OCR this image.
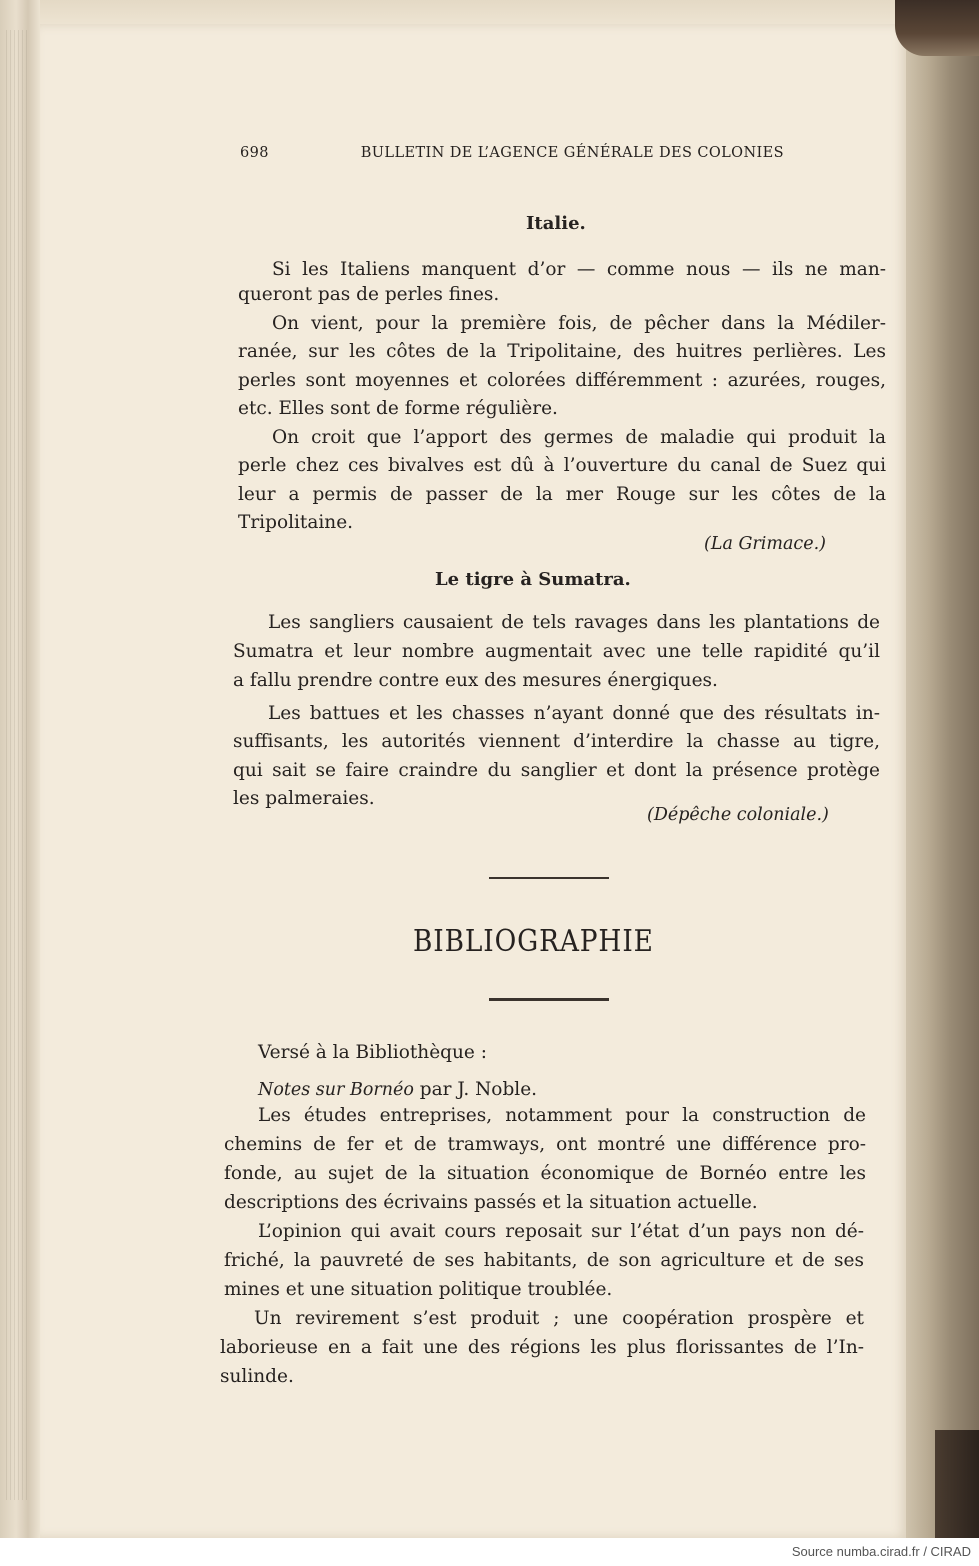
698	BULLETIN DE L’AGENCE GÉNÉRALE DES COLONIES
Italie.
Si les Italiens manquent d’or — comme nous — ils ne man-
queront pas de perles fines.
On vient, pour la première fois, de pêcher dans la Médiler-
ranée, sur les côtes de la Tripolitaine, des huitres perlières. Les
perles sont moyennes et colorées différemment : azurées, rouges,
etc. Elles sont de forme régulière.
On croit que l’apport des germes de maladie qui produit la
perle chez ces bivalves est dû à l’ouverture du canal de Suez qui
leur a permis de passer de la mer Rouge sur les côtes de la
Tripolitaine.
(La Grimace.)
Le tigre à Sumatra.
Les sangliers causaient de tels ravages dans les plantations de
Sumatra et leur nombre augmentait avec une telle rapidité qu’il
a fallu prendre contre eux des mesures énergiques.
Les battues et les chasses n’ayant donné que des résultats in-
suffisants, les autorités viennent d’interdire la chasse au tigre,
qui sait se faire craindre du sanglier et dont la présence protège
les palmeraies.
(Dépêche coloniale.)
BIBLIOGRAPHIE
Versé à la Bibliothèque :
Notes sur Bornéo par J. Noble.
Les études entreprises, notamment pour la construction de
chemins de fer et de tramways, ont montré une différence pro-
fonde, au sujet de la situation économique de Bornéo entre les
descriptions des écrivains passés et la situation actuelle.
L’opinion qui avait cours reposait sur l’état d’un pays non dé-
friché, la pauvreté de ses habitants, de son agriculture et de ses
mines et une situation politique troublée.
Un revirement s’est produit ; une coopération prospère et
laborieuse en a fait une des régions les plus florissantes de l’In-
sulinde.
Source numba.cirad.fr / CIRAD
